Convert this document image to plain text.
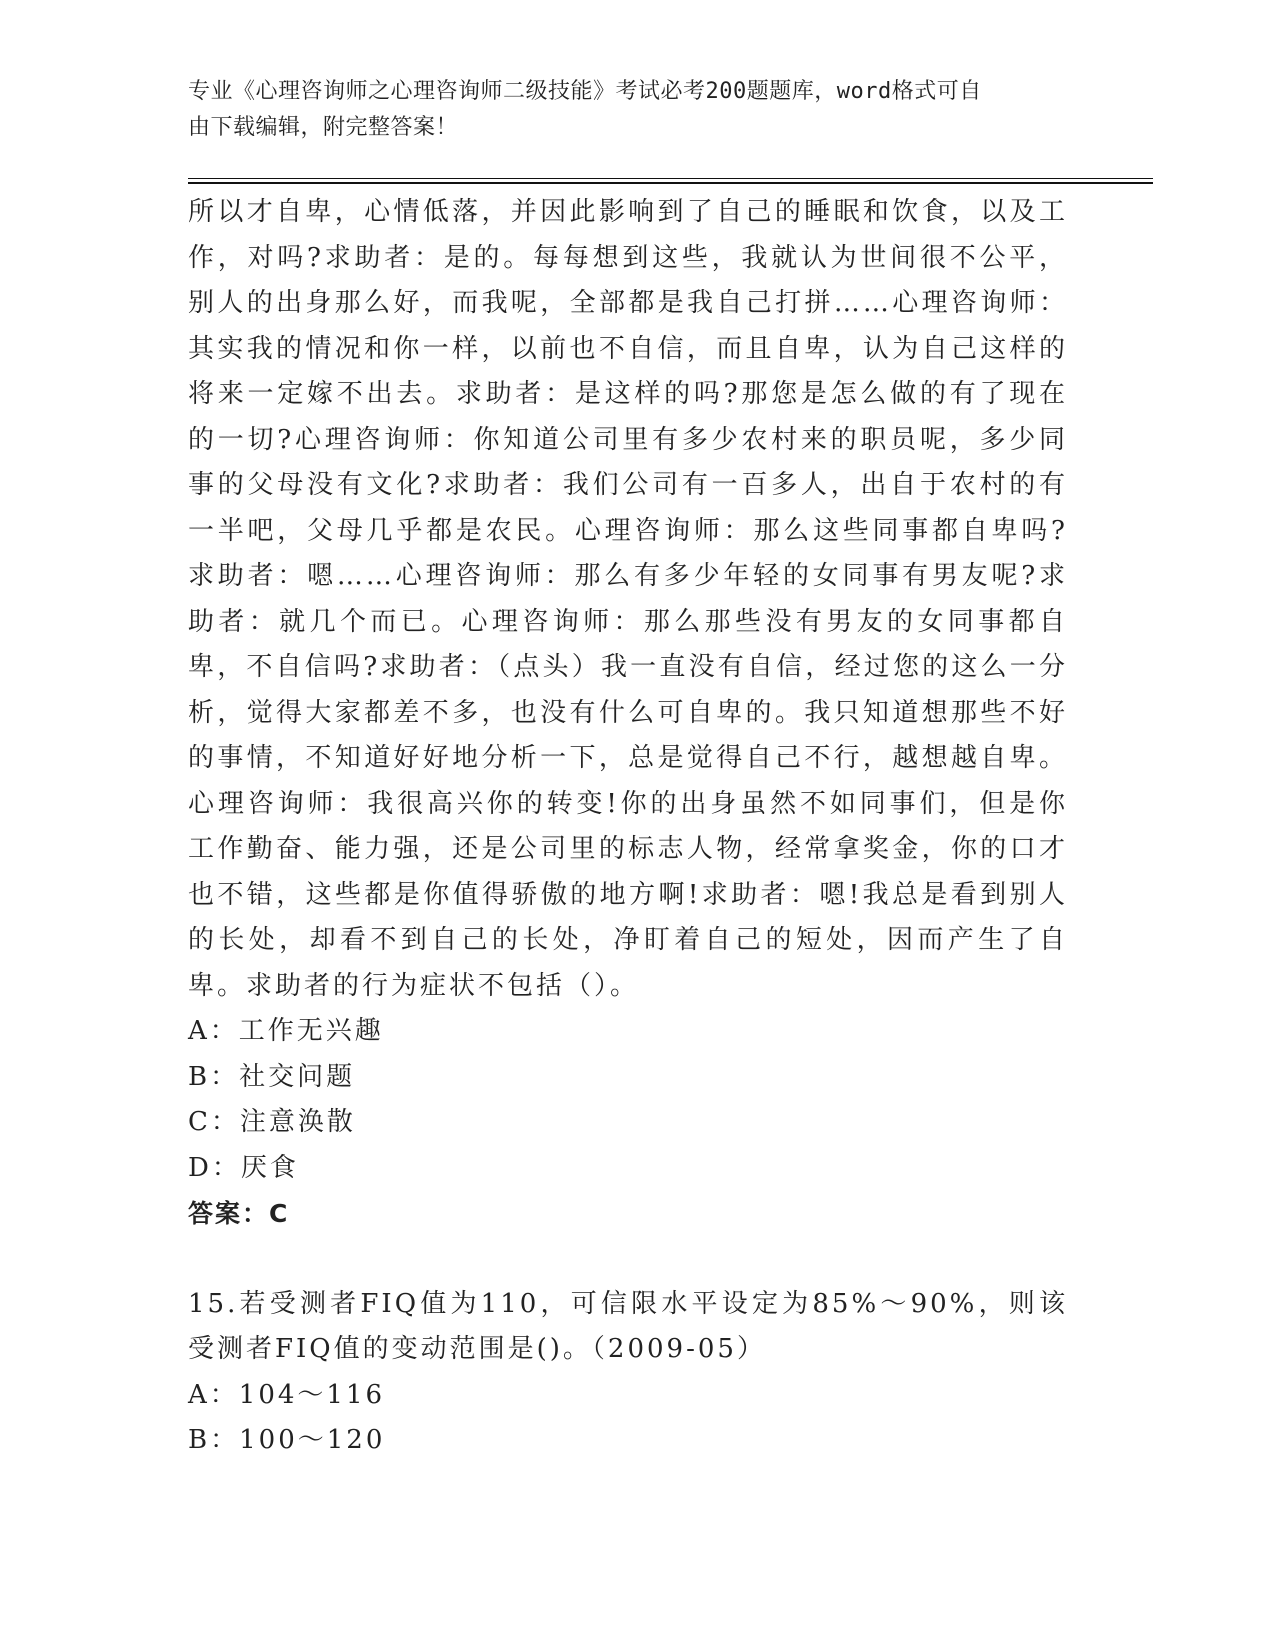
专业《心理咨询师之心理咨询师二级技能》考试必考200题题库，word格式可自
由下载编辑，附完整答案！

所以才自卑，心情低落，并因此影响到了自己的睡眠和饮食，以及工作，对吗?求助者：是的。每每想到这些，我就认为世间很不公平，别人的出身那么好，而我呢，全部都是我自己打拼……心理咨询师：其实我的情况和你一样，以前也不自信，而且自卑，认为自己这样的将来一定嫁不出去。求助者：是这样的吗?那您是怎么做的有了现在的一切?心理咨询师：你知道公司里有多少农村来的职员呢，多少同事的父母没有文化?求助者：我们公司有一百多人，出自于农村的有一半吧，父母几乎都是农民。心理咨询师：那么这些同事都自卑吗?求助者：嗯……心理咨询师：那么有多少年轻的女同事有男友呢?求助者：就几个而已。心理咨询师：那么那些没有男友的女同事都自卑，不自信吗?求助者：（点头）我一直没有自信，经过您的这么一分析，觉得大家都差不多，也没有什么可自卑的。我只知道想那些不好的事情，不知道好好地分析一下，总是觉得自己不行，越想越自卑。心理咨询师：我很高兴你的转变!你的出身虽然不如同事们，但是你工作勤奋、能力强，还是公司里的标志人物，经常拿奖金，你的口才也不错，这些都是你值得骄傲的地方啊!求助者：嗯!我总是看到别人的长处，却看不到自己的长处，净盯着自己的短处，因而产生了自卑。求助者的行为症状不包括（）。

A：工作无兴趣

B：社交问题

C：注意涣散

D：厌食

答案：C

15.若受测者FIQ值为110，可信限水平设定为85%～90%，则该受测者FIQ值的变动范围是()。（2009-05）

A：104～116

B：100～120
